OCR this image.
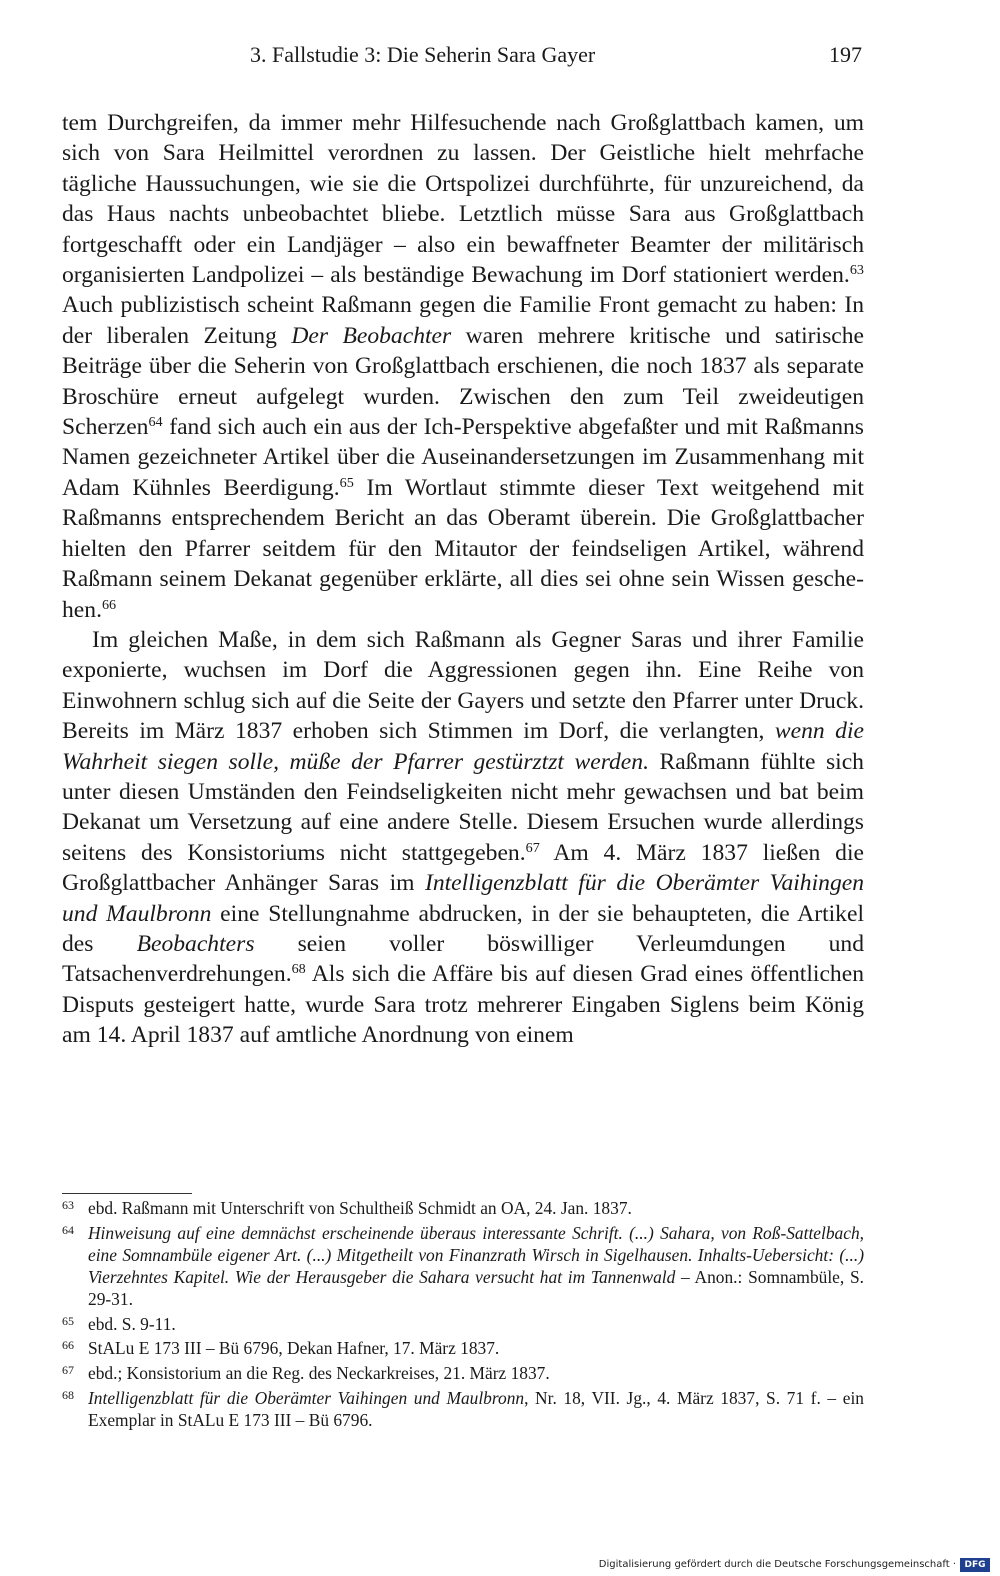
3. Fallstudie 3: Die Seherin Sara Gayer	197

tem Durchgreifen, da immer mehr Hilfesuchende nach Großglattbach kamen, um sich von Sara Heilmittel verordnen zu lassen. Der Geistliche hielt mehrfache tägliche Haussuchungen, wie sie die Ortspolizei durchführte, für unzureichend, da das Haus nachts unbeobachtet bliebe. Letztlich müsse Sara aus Großglattbach fortgeschafft oder ein Landjäger – also ein bewaffneter Beamter der militärisch organisierten Landpolizei – als beständige Bewachung im Dorf stationiert werden.$^{63}$ Auch publizistisch scheint Raßmann gegen die Familie Front gemacht zu haben: In der liberalen Zeitung Der Beobachter waren mehrere kritische und satirische Beiträge über die Seherin von Großglattbach erschienen, die noch 1837 als separate Broschüre erneut aufgelegt wurden. Zwischen den zum Teil zweideutigen Scherzen$^{64}$ fand sich auch ein aus der Ich-Perspektive abgefaßter und mit Raßmanns Namen gezeichneter Artikel über die Auseinandersetzungen im Zusammenhang mit Adam Kühnles Beerdigung.$^{65}$ Im Wortlaut stimmte dieser Text weitgehend mit Raßmanns entsprechendem Bericht an das Oberamt überein. Die Großglattbacher hielten den Pfarrer seitdem für den Mitautor der feindseligen Artikel, während Raßmann seinem Dekanat gegenüber erklärte, all dies sei ohne sein Wissen geschehen.$^{66}$

Im gleichen Maße, in dem sich Raßmann als Gegner Saras und ihrer Familie exponierte, wuchsen im Dorf die Aggressionen gegen ihn. Eine Reihe von Einwohnern schlug sich auf die Seite der Gayers und setzte den Pfarrer unter Druck. Bereits im März 1837 erhoben sich Stimmen im Dorf, die verlangten, wenn die Wahrheit siegen solle, müße der Pfarrer gestürztzt werden. Raßmann fühlte sich unter diesen Umständen den Feindseligkeiten nicht mehr gewachsen und bat beim Dekanat um Versetzung auf eine andere Stelle. Diesem Ersuchen wurde allerdings seitens des Konsistoriums nicht stattgegeben.$^{67}$ Am 4. März 1837 ließen die Großglattbacher Anhänger Saras im Intelligenzblatt für die Oberämter Vaihingen und Maulbronn eine Stellungnahme abdrucken, in der sie behaupteten, die Artikel des Beobachters seien voller böswilliger Verleumdungen und Tatsachenverdrehungen.$^{68}$ Als sich die Affäre bis auf diesen Grad eines öffentlichen Disputs gesteigert hatte, wurde Sara trotz mehrerer Eingaben Siglens beim König am 14. April 1837 auf amtliche Anordnung von einem

63 ebd. Raßmann mit Unterschrift von Schultheiß Schmidt an OA, 24. Jan. 1837.
64 Hinweisung auf eine demnächst erscheinende überaus interessante Schrift. (...) Sahara, von Roß-Sattelbach, eine Somnambüle eigener Art. (...) Mitgetheilt von Finanzrath Wirsch in Sigelhausen. Inhalts-Uebersicht: (...) Vierzehntes Kapitel. Wie der Herausgeber die Sahara versucht hat im Tannenwald – Anon.: Somnambüle, S. 29-31.
65 ebd. S. 9-11.
66 StALu E 173 III – Bü 6796, Dekan Hafner, 17. März 1837.
67 ebd.; Konsistorium an die Reg. des Neckarkreises, 21. März 1837.
68 Intelligenzblatt für die Oberämter Vaihingen und Maulbronn, Nr. 18, VII. Jg., 4. März 1837, S. 71 f. – ein Exemplar in StALu E 173 III – Bü 6796.
Digitalisierung gefördert durch die Deutsche Forschungsgemeinschaft · DFG
